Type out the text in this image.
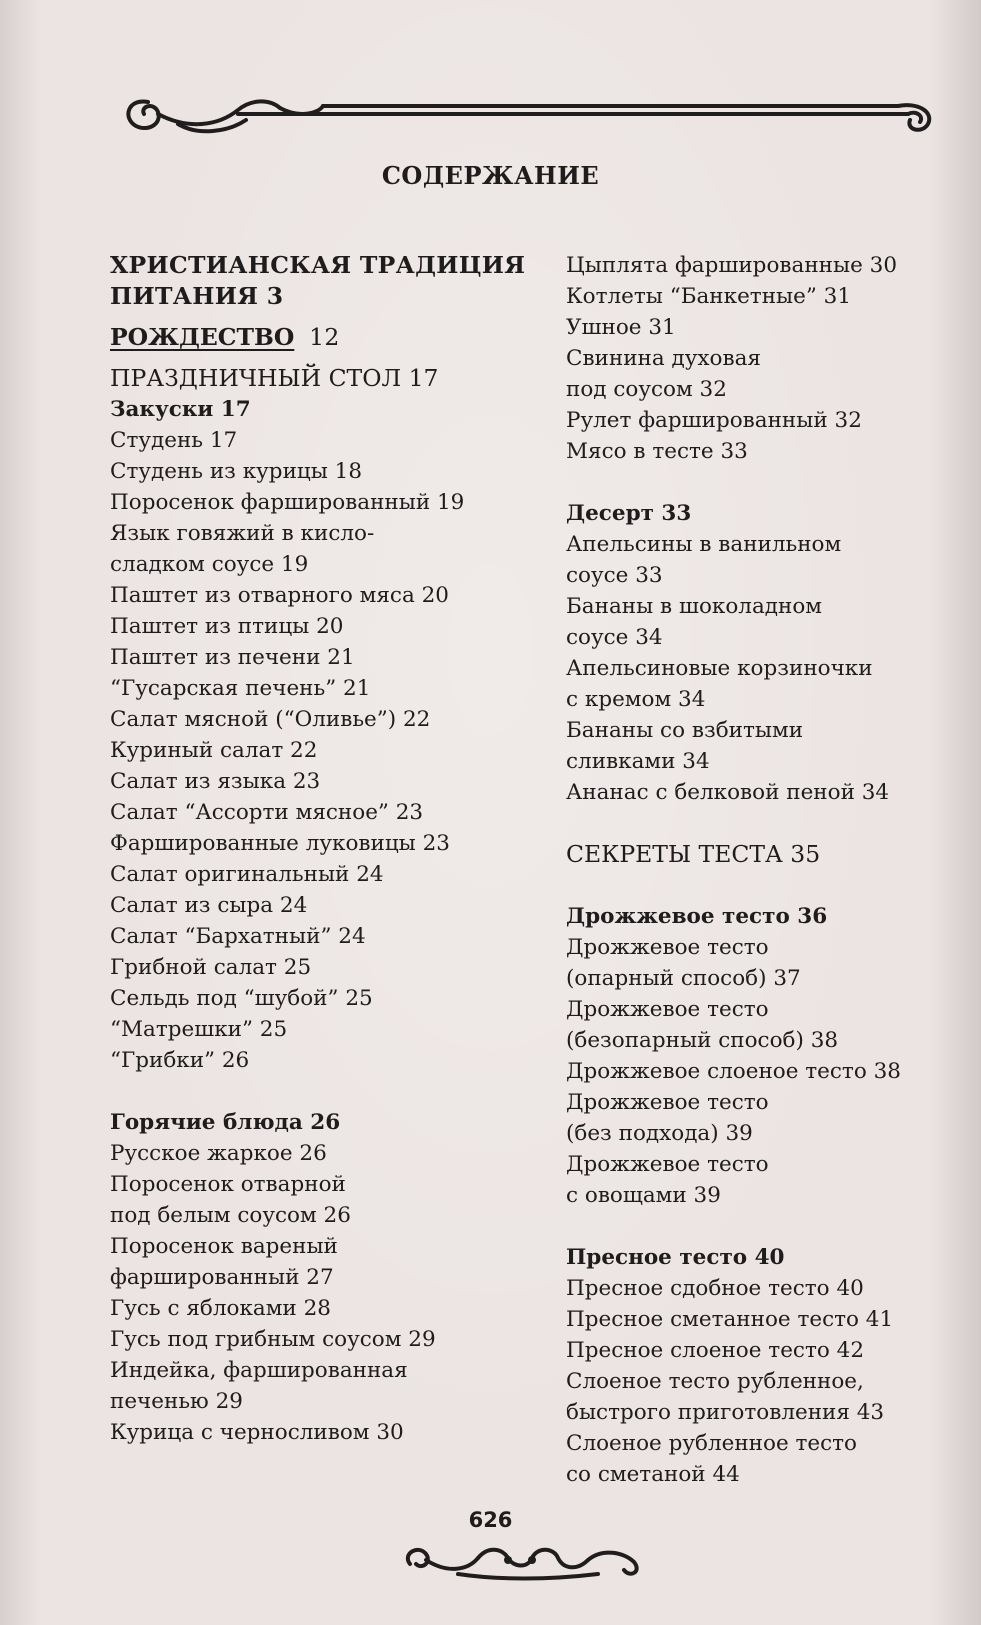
СОДЕРЖАНИЕ
ХРИСТИАНСКАЯ ТРАДИЦИЯ
ПИТАНИЯ 3
РОЖДЕСТВО 12
ПРАЗДНИЧНЫЙ СТОЛ 17
Закуски 17
Студень 17
Студень из курицы 18
Поросенок фаршированный 19
Язык говяжий в кисло-
сладком соусе 19
Паштет из отварного мяса 20
Паштет из птицы 20
Паштет из печени 21
“Гусарская печень” 21
Салат мясной (“Оливье”) 22
Куриный салат 22
Салат из языка 23
Салат “Ассорти мясное” 23
Фаршированные луковицы 23
Салат оригинальный 24
Салат из сыра 24
Салат “Бархатный” 24
Грибной салат 25
Сельдь под “шубой” 25
“Матрешки” 25
“Грибки” 26
Горячие блюда 26
Русское жаркое 26
Поросенок отварной
под белым соусом 26
Поросенок вареный
фаршированный 27
Гусь с яблоками 28
Гусь под грибным соусом 29
Индейка, фаршированная
печенью 29
Курица с черносливом 30
Цыплята фаршированные 30
Котлеты “Банкетные” 31
Ушное 31
Свинина духовая
под соусом 32
Рулет фаршированный 32
Мясо в тесте 33
Десерт 33
Апельсины в ванильном
соусе 33
Бананы в шоколадном
соусе 34
Апельсиновые корзиночки
с кремом 34
Бананы со взбитыми
сливками 34
Ананас с белковой пеной 34
СЕКРЕТЫ ТЕСТА 35
Дрожжевое тесто 36
Дрожжевое тесто
(опарный способ) 37
Дрожжевое тесто
(безопарный способ) 38
Дрожжевое слоеное тесто 38
Дрожжевое тесто
(без подхода) 39
Дрожжевое тесто
с овощами 39
Пресное тесто 40
Пресное сдобное тесто 40
Пресное сметанное тесто 41
Пресное слоеное тесто 42
Слоеное тесто рубленное,
быстрого приготовления 43
Слоеное рубленное тесто
со сметаной 44
626
